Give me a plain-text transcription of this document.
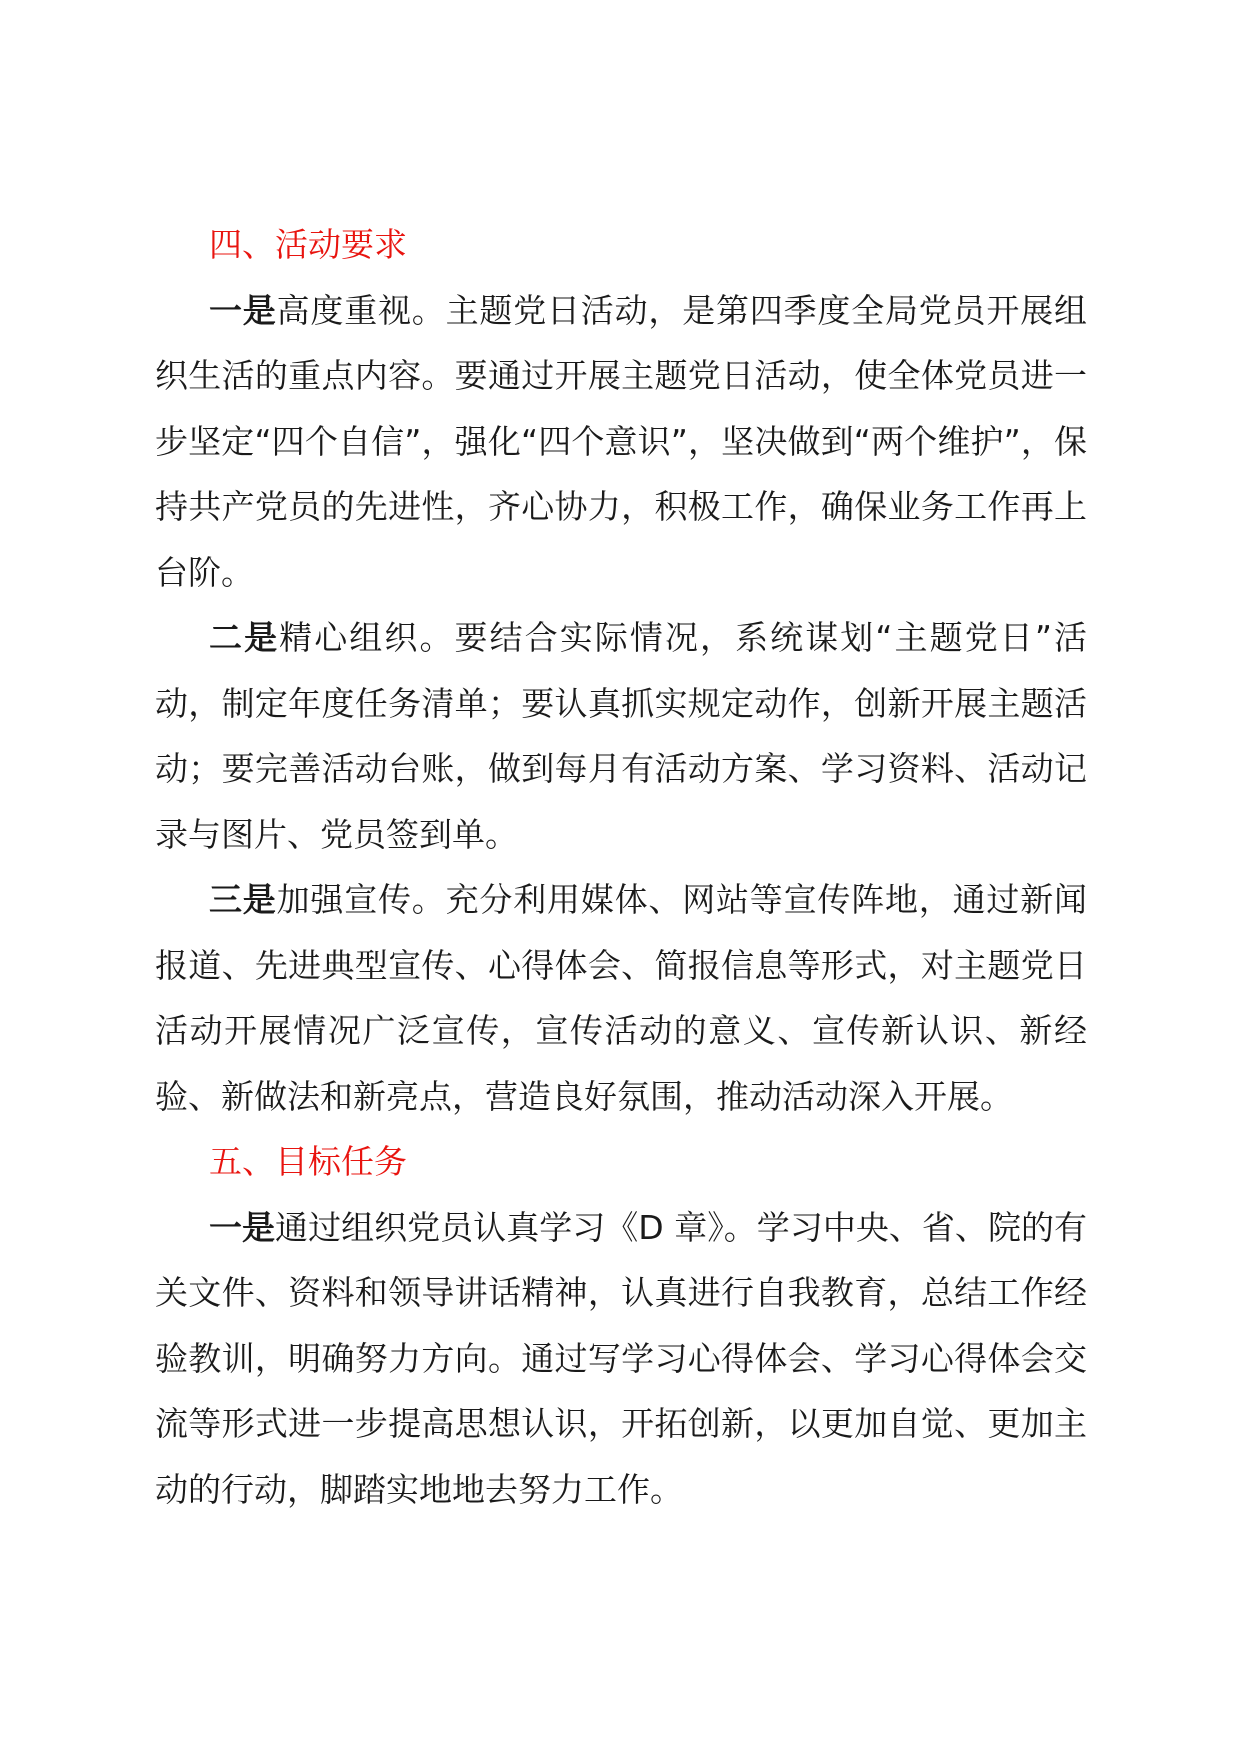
四、活动要求

一是高度重视。主题党日活动，是第四季度全局党员开展组织生活的重点内容。要通过开展主题党日活动，使全体党员进一步坚定“四个自信”，强化“四个意识”，坚决做到“两个维护”，保持共产党员的先进性，齐心协力，积极工作，确保业务工作再上台阶。

二是精心组织。要结合实际情况，系统谋划“主题党日”活动，制定年度任务清单；要认真抓实规定动作，创新开展主题活动；要完善活动台账，做到每月有活动方案、学习资料、活动记录与图片、党员签到单。

三是加强宣传。充分利用媒体、网站等宣传阵地，通过新闻报道、先进典型宣传、心得体会、简报信息等形式，对主题党日活动开展情况广泛宣传，宣传活动的意义、宣传新认识、新经验、新做法和新亮点，营造良好氛围，推动活动深入开展。

五、目标任务

一是通过组织党员认真学习《D 章》。学习中央、省、院的有关文件、资料和领导讲话精神，认真进行自我教育，总结工作经验教训，明确努力方向。通过写学习心得体会、学习心得体会交流等形式进一步提高思想认识，开拓创新，以更加自觉、更加主动的行动，脚踏实地地去努力工作。
